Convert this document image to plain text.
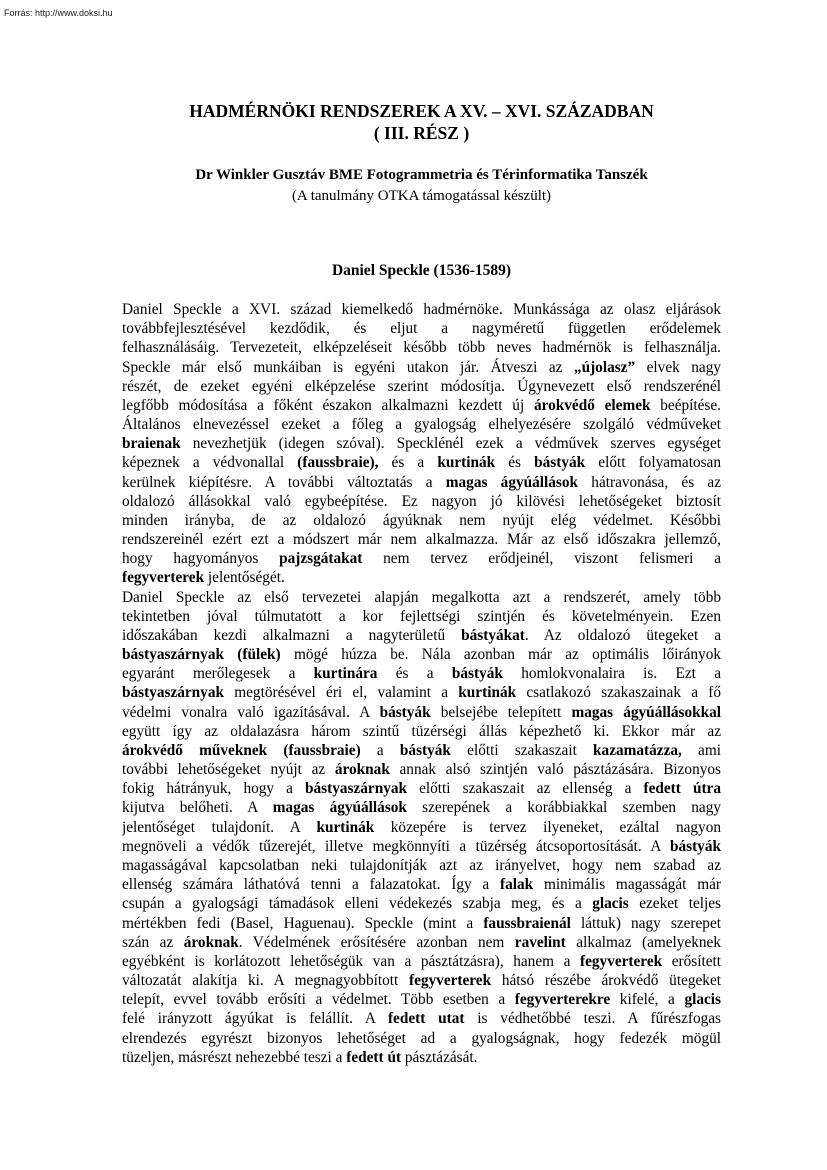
Forrás: http://www.doksi.hu
HADMÉRNÖKI RENDSZEREK A XV. – XVI. SZÁZADBAN
( III. RÉSZ )
Dr Winkler Gusztáv BME Fotogrammetria és Térinformatika Tanszék
(A tanulmány OTKA támogatással készült)
Daniel Speckle (1536-1589)
Daniel Speckle a XVI. század kiemelkedő hadmérnöke. Munkássága az olasz eljárások
továbbfejlesztésével kezdődik, és eljut a nagyméretű független erődelemek
felhasználásáig. Tervezeteit, elképzeléseit később több neves hadmérnök is felhasználja.
Speckle már első munkáiban is egyéni utakon jár. Átveszi az „újolasz” elvek nagy
részét, de ezeket egyéni elképzelése szerint módosítja. Úgynevezett első rendszerénél
legfőbb módosítása a főként északon alkalmazni kezdett új árokvédő elemek beépítése.
Általános elnevezéssel ezeket a főleg a gyalogság elhelyezésére szolgáló védműveket
braienak nevezhetjük (idegen szóval). Specklénél ezek a védművek szerves egységet
képeznek a védvonallal (faussbraie), és a kurtinák és bástyák előtt folyamatosan
kerülnek kiépítésre. A további változtatás a magas ágyúállások hátravonása, és az
oldalozó állásokkal való egybeépítése. Ez nagyon jó kilövési lehetőségeket biztosít
minden irányba, de az oldalozó ágyúknak nem nyújt elég védelmet. Későbbi
rendszereinél ezért ezt a módszert már nem alkalmazza. Már az első időszakra jellemző,
hogy hagyományos pajzsgátakat nem tervez erődjeinél, viszont felismeri a
fegyverterek jelentőségét.
Daniel Speckle az első tervezetei alapján megalkotta azt a rendszerét, amely több
tekintetben jóval túlmutatott a kor fejlettségi szintjén és követelményein. Ezen
időszakában kezdi alkalmazni a nagyterületű bástyákat. Az oldalozó ütegeket a
bástyaszárnyak (fülek) mögé húzza be. Nála azonban már az optimális lőirányok
egyaránt merőlegesek a kurtinára és a bástyák homlokvonalaira is. Ezt a
bástyaszárnyak megtörésével éri el, valamint a kurtinák csatlakozó szakaszainak a fő
védelmi vonalra való igazításával. A bástyák belsejébe telepített magas ágyúállásokkal
együtt így az oldalazásra három szintű tüzérségi állás képezhető ki. Ekkor már az
árokvédő műveknek (faussbraie) a bástyák előtti szakaszait kazamatázza, ami
további lehetőségeket nyújt az ároknak annak alsó szintjén való pásztázására. Bizonyos
fokig hátrányuk, hogy a bástyaszárnyak előtti szakaszait az ellenség a fedett útra
kijutva belőheti. A magas ágyúállások szerepének a korábbiakkal szemben nagy
jelentőséget tulajdonít. A kurtinák közepére is tervez ilyeneket, ezáltal nagyon
megnöveli a védők tűzerejét, illetve megkönnyíti a tüzérség átcsoportosítását. A bástyák
magasságával kapcsolatban neki tulajdonítják azt az irányelvet, hogy nem szabad az
ellenség számára láthatóvá tenni a falazatokat. Így a falak minimális magasságát már
csupán a gyalogsági támadások elleni védekezés szabja meg, és a glacis ezeket teljes
mértékben fedi (Basel, Haguenau). Speckle (mint a faussbraienál láttuk) nagy szerepet
szán az ároknak. Védelmének erősítésére azonban nem ravelint alkalmaz (amelyeknek
egyébként is korlátozott lehetőségük van a pásztátzásra), hanem a fegyverterek erősített
változatát alakítja ki. A megnagyobbított fegyverterek hátsó részébe árokvédő ütegeket
telepít, evvel tovább erősíti a védelmet. Több esetben a fegyverterekre kifelé, a glacis
felé irányzott ágyúkat is felállít. A fedett utat is védhetőbbé teszi. A fűrészfogas
elrendezés egyrészt bizonyos lehetőséget ad a gyalogságnak, hogy fedezék mögül
tüzeljen, másrészt nehezebbé teszi a fedett út pásztázását.
